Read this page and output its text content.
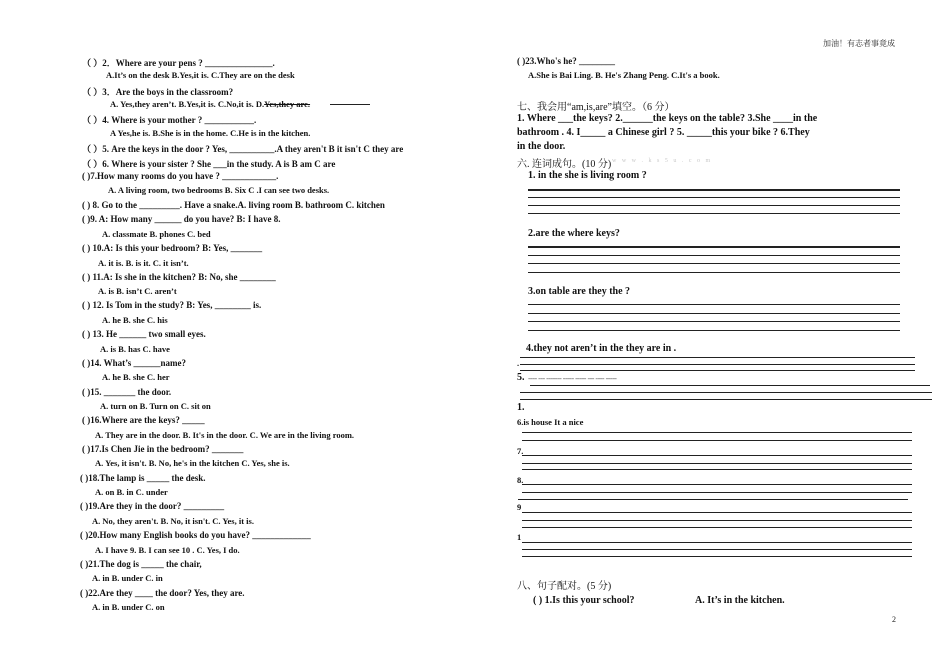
加油！有志者事竟成
2
（ ）2．Where are your pens ? _______________.
A.It’s on the desk B.Yes,it is. C.They are on the desk
（ ）3．Are the boys in the classroom?
A. Yes,they aren’t. B.Yes,it is. C.No,it is. D.Yes,they are.
（ ）4. Where is your mother ? ___________.
A Yes,he is. B.She is in the home. C.He is in the kitchen.
（ ）5. Are the keys in the door ? Yes, __________.A they aren't B it isn't C they are
（ ）6. Where is your sister ? She ___in the study. A is B am C are
( )7.How many rooms do you have ? ____________.
A. A living room, two bedrooms B. Six C .I can see two desks.
( ) 8. Go to the _________. Have a snake.A. living room B. bathroom C. kitchen
( )9. A: How many ______ do you have? B: I have 8.
A. classmate B. phones C. bed
( ) 10.A: Is this your bedroom? B: Yes, _______
A. it is. B. is it. C. it isn’t.
( ) 11.A: Is she in the kitchen? B: No, she ________
A. is B. isn’t C. aren’t
( ) 12. Is Tom in the study? B: Yes, ________ is.
A. he B. she C. his
( ) 13. He ______ two small eyes.
A. is B. has C. have
( )14. What’s ______name?
A. he B. she C. her
( )15. _______ the door.
A. turn on B. Turn on C. sit on
( )16.Where are the keys? _____
A. They are in the door. B. It's in the door. C. We are in the living room.
( )17.Is Chen Jie in the bedroom? _______
A. Yes, it isn't. B. No, he's in the kitchen C. Yes, she is.
( )18.The lamp is _____ the desk.
A. on B. in C. under
( )19.Are they in the door? _________
A. No, they aren't. B. No, it isn't. C. Yes, it is.
( )20.How many English books do you have? _____________
A. I have 9. B. I can see 10 . C. Yes, I do.
( )21.The dog is _____ the chair,
A. in B. under C. in
( )22.Are they ____ the door? Yes, they are.
A. in B. under C. on
( )23.Who's he? ________
A.She is Bai Ling. B. He's Zhang Peng. C.It's a book.
七、我会用“am,is,are”填空。（6 分）
1. Where ___the keys? 2.______the keys on the table? 3.She ____in the
bathroom . 4. I_____ a Chinese girl ? 5. _____this your bike ? 6.They
in the door.
六. 连词成句。(10 分) w w w . k s 5 u . c o m
1. in the she is living room ?
2.are the where keys?
3.on table are they the ?
4.they not aren’t in the they are in .
.
5. ---- --- ------- ----- ----- --- ---- -----
1.
6.is house It a nice
7.
8.
9
1
八、句子配对。(5 分)
( ) 1.Is this your school?	A. It’s in the kitchen.
